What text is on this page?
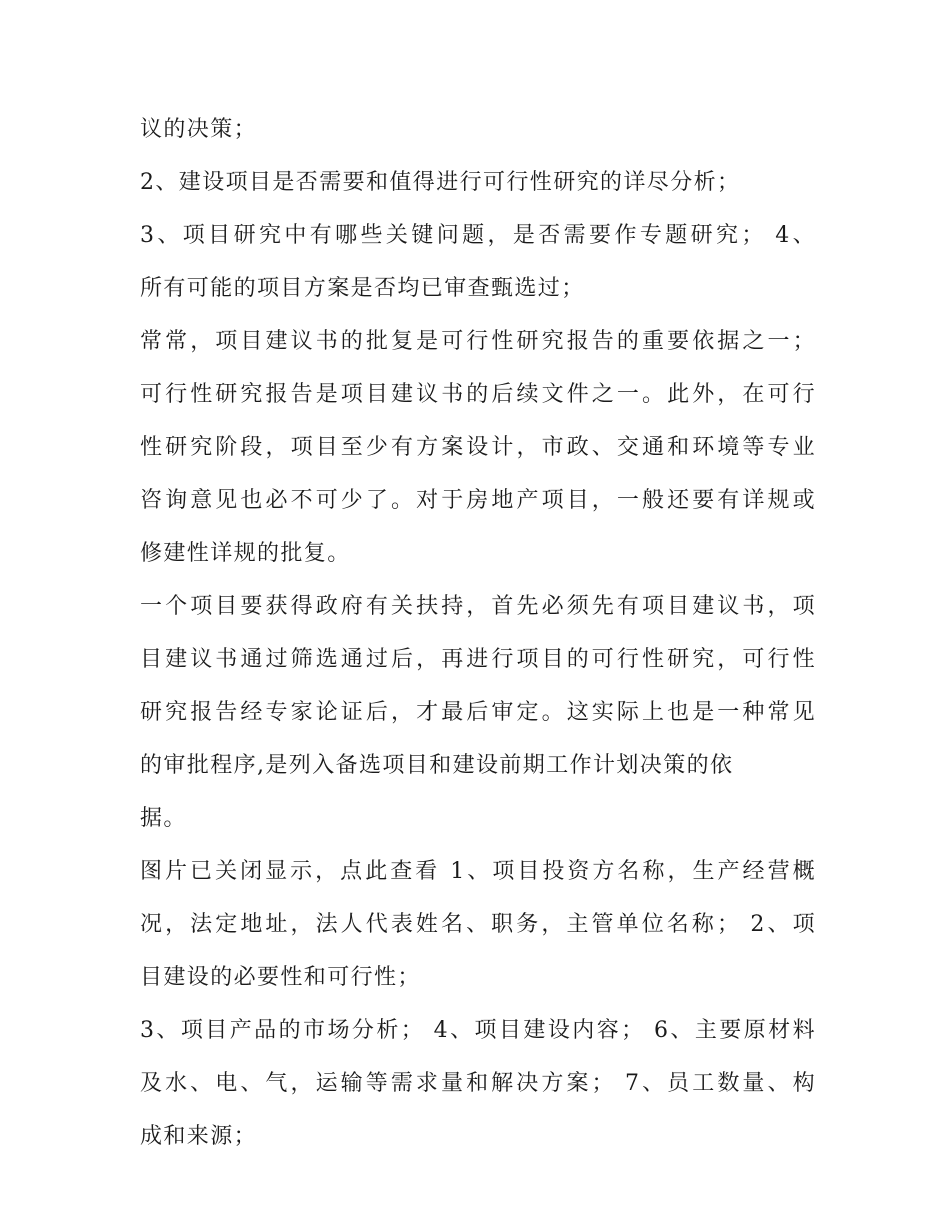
议的决策；
2、建设项目是否需要和值得进行可行性研究的详尽分析；
3、项目研究中有哪些关键问题，是否需要作专题研究； 4、
所有可能的项目方案是否均已审查甄选过；
常常，项目建议书的批复是可行性研究报告的重要依据之一；
可行性研究报告是项目建议书的后续文件之一。此外，在可行
性研究阶段，项目至少有方案设计，市政、交通和环境等专业
咨询意见也必不可少了。对于房地产项目，一般还要有详规或
修建性详规的批复。
一个项目要获得政府有关扶持，首先必须先有项目建议书，项
目建议书通过筛选通过后，再进行项目的可行性研究，可行性
研究报告经专家论证后，才最后审定。这实际上也是一种常见
的审批程序,是列入备选项目和建设前期工作计划决策的依
据。
图片已关闭显示，点此查看 1、项目投资方名称，生产经营概
况，法定地址，法人代表姓名、职务，主管单位名称； 2、项
目建设的必要性和可行性；
3、项目产品的市场分析； 4、项目建设内容； 6、主要原材料
及水、电、气，运输等需求量和解决方案； 7、员工数量、构
成和来源；
